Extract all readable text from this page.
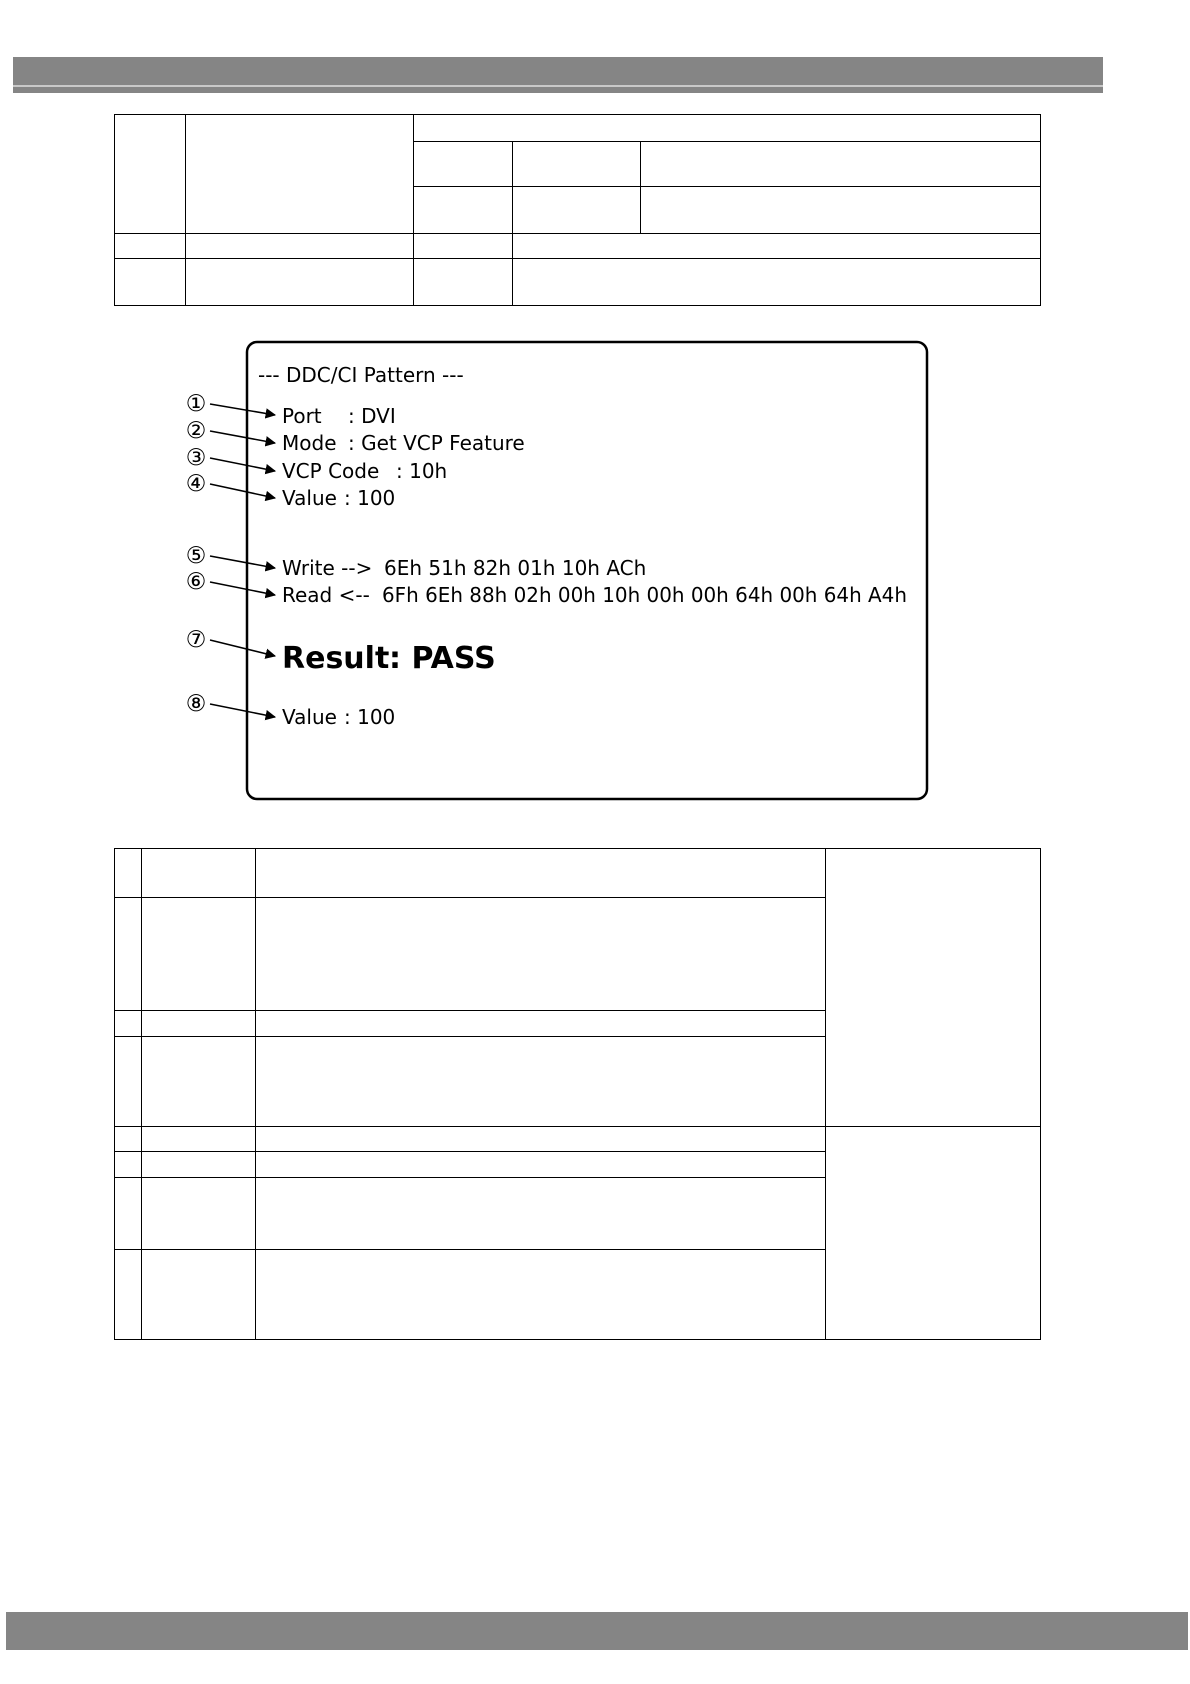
--- DDC/CI Pattern ---
①	Port : DVI
②	Mode : Get VCP Feature
③	VCP Code : 10h
④
Value : 100
⑤	Write --> 6Eh 51h 82h 01h 10h ACh
⑥	Read <-- 6Fh 6Eh 88h 02h 00h 10h 00h 00h 64h 00h 64h A4h
⑦
Result : PASS
⑧	Value : 100
